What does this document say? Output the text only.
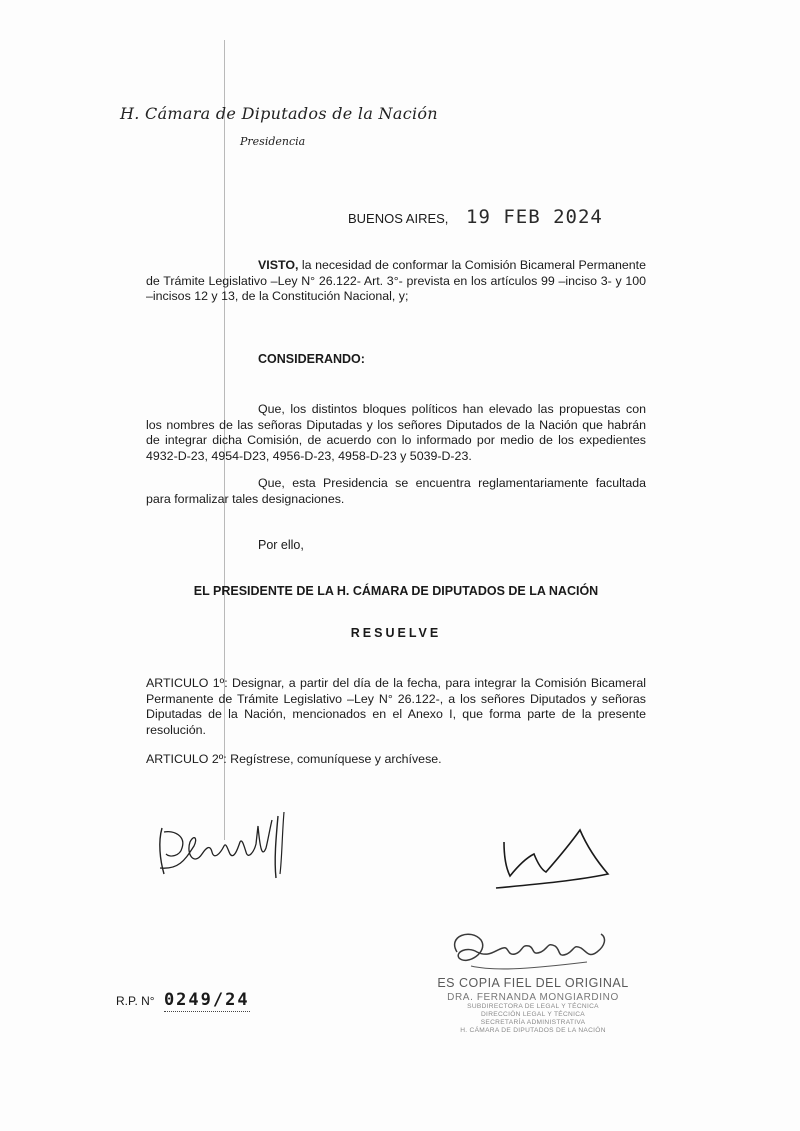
H. Cámara de Diputados de la Nación
Presidencia
BUENOS AIRES, 19 FEB 2024
VISTO, la necesidad de conformar la Comisión Bicameral Permanente de Trámite Legislativo –Ley N° 26.122- Art. 3°- prevista en los artículos 99 –inciso 3- y 100 –incisos 12 y 13, de la Constitución Nacional, y;
CONSIDERANDO:
Que, los distintos bloques políticos han elevado las propuestas con los nombres de las señoras Diputadas y los señores Diputados de la Nación que habrán de integrar dicha Comisión, de acuerdo con lo informado por medio de los expedientes 4932-D-23, 4954-D23, 4956-D-23, 4958-D-23 y 5039-D-23.
Que, esta Presidencia se encuentra reglamentariamente facultada para formalizar tales designaciones.
Por ello,
EL PRESIDENTE DE LA H. CÁMARA DE DIPUTADOS DE LA NACIÓN
RESUELVE
ARTICULO 1º: Designar, a partir del día de la fecha, para integrar la Comisión Bicameral Permanente de Trámite Legislativo –Ley N° 26.122-, a los señores Diputados y señoras Diputadas de la Nación, mencionados en el Anexo I, que forma parte de la presente resolución.
ARTICULO 2º: Regístrese, comuníquese y archívese.
R.P. N° 0249/24
ES COPIA FIEL DEL ORIGINAL
DRA. FERNANDA MONGIARDINO
SUBDIRECTORA DE LEGAL Y TÉCNICA
DIRECCIÓN LEGAL Y TÉCNICA
SECRETARÍA ADMINISTRATIVA
H. CÁMARA DE DIPUTADOS DE LA NACIÓN
